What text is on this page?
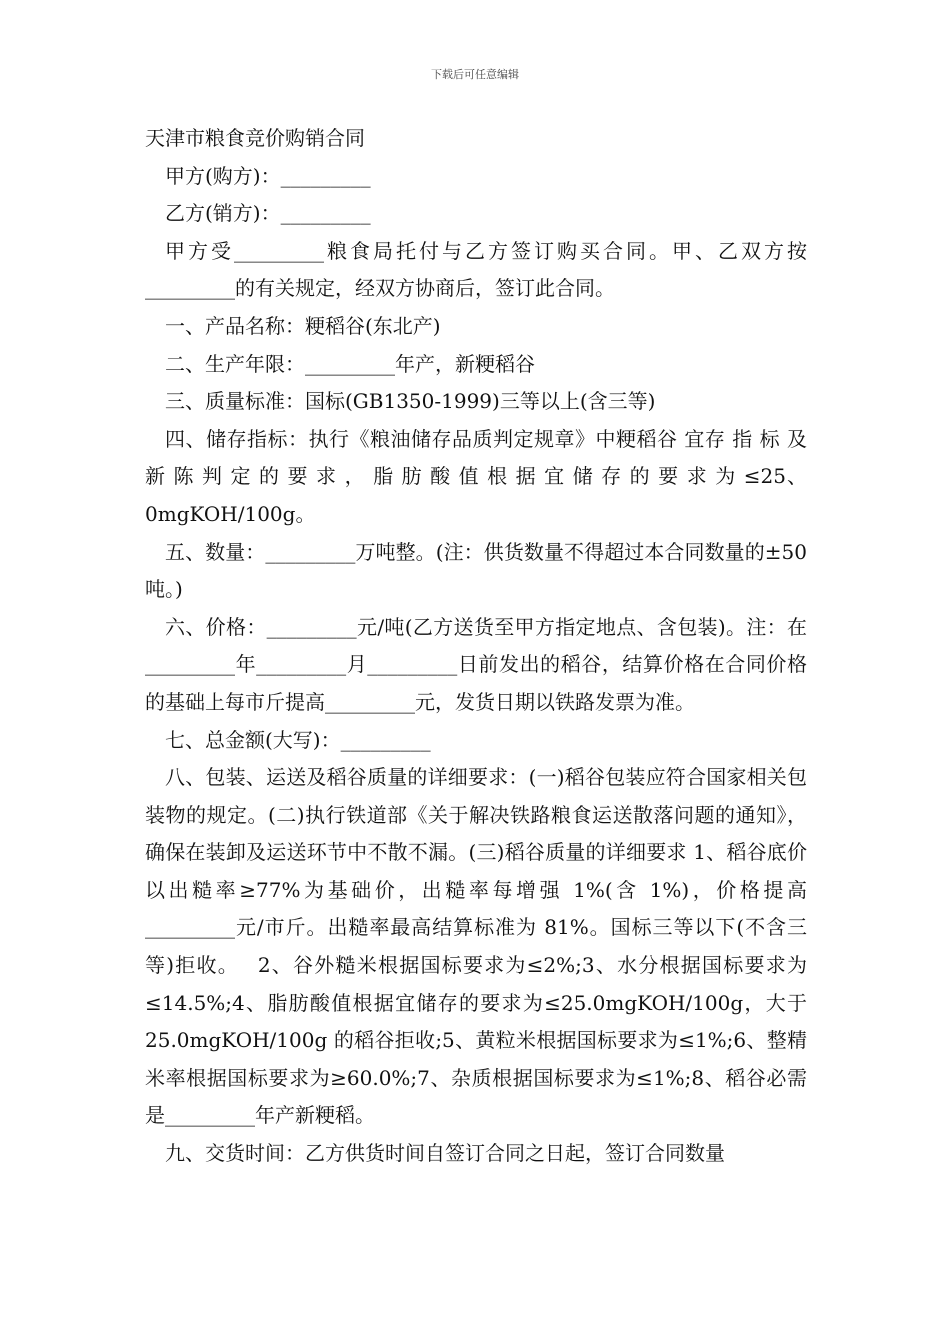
下载后可任意编辑

天津市粮食竞价购销合同

甲方(购方)：_________

乙方(销方)：_________

甲方受_________粮食局托付与乙方签订购买合同。甲、乙双方按_________的有关规定，经双方协商后，签订此合同。

一、产品名称：粳稻谷(东北产)

二、生产年限：_________年产，新粳稻谷

三、质量标准：国标(GB1350-1999)三等以上(含三等)

四、储存指标：执行《粮油储存品质判定规章》中粳稻谷 宜存 指 标 及 新 陈 判 定 的 要 求 ， 脂 肪 酸 值 根 据 宜 储 存 的 要 求 为 ≤25、0mgKOH/100g。

五、数量：_________万吨整。(注：供货数量不得超过本合同数量的±50 吨。)

六、价格：_________元/吨(乙方送货至甲方指定地点、含包装)。注：在_________年_________月_________日前发出的稻谷，结算价格在合同价格的基础上每市斤提高_________元，发货日期以铁路发票为准。

七、总金额(大写)：_________

八、包装、运送及稻谷质量的详细要求：(一)稻谷包装应符合国家相关包装物的规定。(二)执行铁道部《关于解决铁路粮食运送散落问题的通知》，确保在装卸及运送环节中不散不漏。(三)稻谷质量的详细要求 1、稻谷底价以出糙率≥77%为基础价，出糙率每增强 1%(含 1%)，价格提高_________元/市斤。出糙率最高结算标准为 81%。国标三等以下(不含三等)拒收。　 2、谷外糙米根据国标要求为≤2%;3、水分根据国标要求为≤14.5%;4、脂肪酸值根据宜储存的要求为≤25.0mgKOH/100g，大于 25.0mgKOH/100g 的稻谷拒收;5、黄粒米根据国标要求为≤1%;6、整精米率根据国标要求为≥60.0%;7、杂质根据国标要求为≤1%;8、稻谷必需是_________年产新粳稻。

九、交货时间：乙方供货时间自签订合同之日起，签订合同数量
